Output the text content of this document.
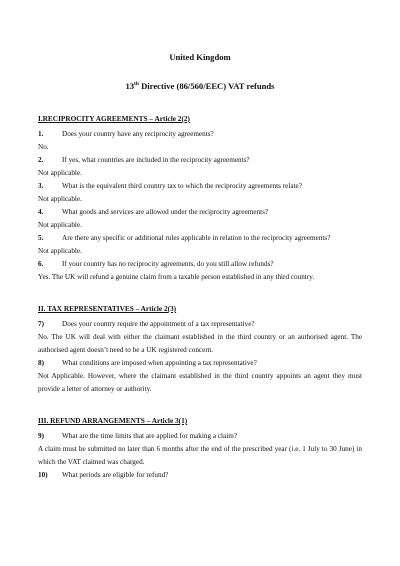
United Kingdom
13th Directive (86/560/EEC) VAT refunds
I.RECIPROCITY AGREEMENTS – Article 2(2)
1.	Does your country have any reciprocity agreements?
No.
2.	If yes, what countries are included in the reciprocity agreements?
Not applicable.
3.	What is the equivalent third country tax to which the reciprocity agreements relate?
Not applicable.
4.	What goods and services are allowed under the reciprocity agreements?
Not applicable.
5.	Are there any specific or additional rules applicable in relation to the reciprocity agreements?
Not applicable.
6.	If your country has no reciprocity agreements, do you still allow refunds?
Yes. The UK will refund a genuine claim from a taxable person established in any third country.
II. TAX REPRESENTATIVES – Article 2(3)
7)	Does your country require the appointment of a tax representative?
No. The UK will deal with either the claimant established in the third country or an authorised agent. The authorised agent doesn’t need to be a UK registered concern.
8)	What conditions are imposed when appointing a tax representative?
Not Applicable. However, where the claimant established in the third country appoints an agent they must provide a letter of attorney or authority.
III. REFUND ARRANGEMENTS – Article 3(1)
9)	What are the time limits that are applied for making a claim?
A claim must be submitted no later than 6 months after the end of the prescribed year (i.e. 1 July to 30 June) in which the VAT claimed was charged.
10)	What periods are eligible for refund?
